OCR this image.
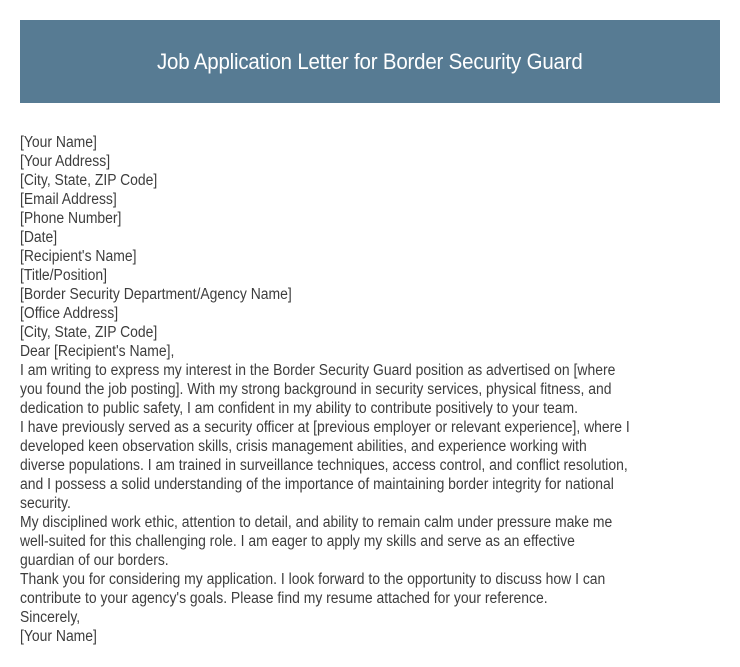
Job Application Letter for Border Security Guard
[Your Name]
[Your Address]
[City, State, ZIP Code]
[Email Address]
[Phone Number]
[Date]
[Recipient's Name]
[Title/Position]
[Border Security Department/Agency Name]
[Office Address]
[City, State, ZIP Code]
Dear [Recipient's Name],
I am writing to express my interest in the Border Security Guard position as advertised on [where
you found the job posting]. With my strong background in security services, physical fitness, and
dedication to public safety, I am confident in my ability to contribute positively to your team.
I have previously served as a security officer at [previous employer or relevant experience], where I
developed keen observation skills, crisis management abilities, and experience working with
diverse populations. I am trained in surveillance techniques, access control, and conflict resolution,
and I possess a solid understanding of the importance of maintaining border integrity for national
security.
My disciplined work ethic, attention to detail, and ability to remain calm under pressure make me
well-suited for this challenging role. I am eager to apply my skills and serve as an effective
guardian of our borders.
Thank you for considering my application. I look forward to the opportunity to discuss how I can
contribute to your agency's goals. Please find my resume attached for your reference.
Sincerely,
[Your Name]
